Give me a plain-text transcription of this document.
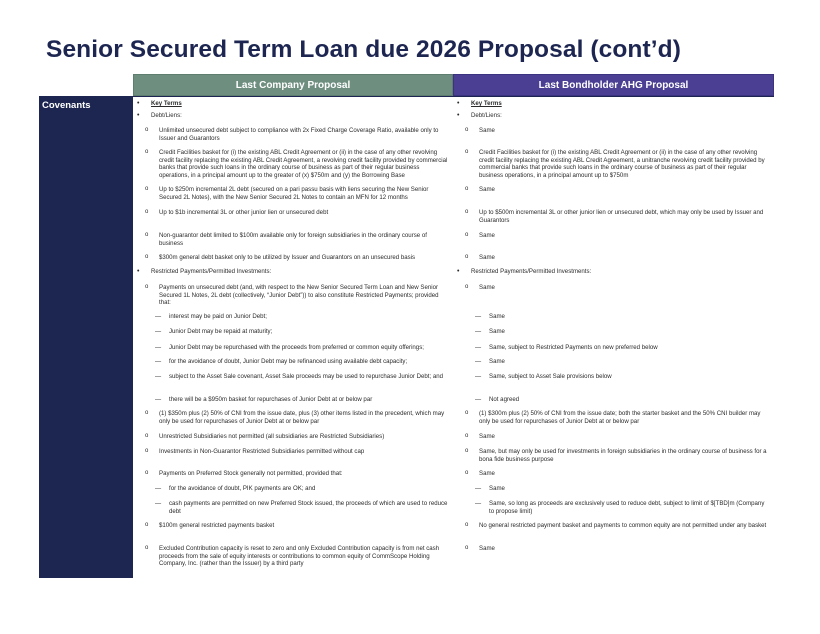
Senior Secured Term Loan due 2026 Proposal (cont’d)
Last Company Proposal	Last Bondholder AHG Proposal
Covenants	• Key Terms
• Debt/Liens:
o Unlimited unsecured debt subject to compliance with 2x Fixed Charge Coverage Ratio, available only to Issuer and Guarantors
o Credit Facilities basket for (i) the existing ABL Credit Agreement or (ii) in the case of any other revolving credit facility replacing the existing ABL Credit Agreement, a revolving credit facility provided by commercial banks that provide such loans in the ordinary course of business as part of their regular business operations, in a principal amount up to the greater of (x) $750m and (y) the Borrowing Base
o Up to $250m incremental 2L debt (secured on a pari passu basis with liens securing the New Senior Secured 2L Notes), with the New Senior Secured 2L Notes to contain an MFN for 12 months
o Up to $1b incremental 3L or other junior lien or unsecured debt
o Non-guarantor debt limited to $100m available only for foreign subsidiaries in the ordinary course of business
o $300m general debt basket only to be utilized by Issuer and Guarantors on an unsecured basis
• Restricted Payments/Permitted Investments:
o Payments on unsecured debt (and, with respect to the New Senior Secured Term Loan and New Senior Secured 1L Notes, 2L debt (collectively, “Junior Debt”)) to also constitute Restricted Payments; provided that:
— interest may be paid on Junior Debt;
— Junior Debt may be repaid at maturity;
— Junior Debt may be repurchased with the proceeds from preferred or common equity offerings;
— for the avoidance of doubt, Junior Debt may be refinanced using available debt capacity;
— subject to the Asset Sale covenant, Asset Sale proceeds may be used to repurchase Junior Debt; and
— there will be a $950m basket for repurchases of Junior Debt at or below par
o (1) $350m plus (2) 50% of CNI from the issue date, plus (3) other items listed in the precedent, which may only be used for repurchases of Junior Debt at or below par
o Unrestricted Subsidiaries not permitted (all subsidiaries are Restricted Subsidiaries)
o Investments in Non-Guarantor Restricted Subsidiaries permitted without cap
o Payments on Preferred Stock generally not permitted, provided that:
— for the avoidance of doubt, PIK payments are OK; and
— cash payments are permitted on new Preferred Stock issued, the proceeds of which are used to reduce debt
o $100m general restricted payments basket
o Excluded Contribution capacity is reset to zero and only Excluded Contribution capacity is from net cash proceeds from the sale of equity interests or contributions to common equity of CommScope Holding Company, Inc. (rather than the Issuer) by a third party
• Key Terms
• Debt/Liens:
o Same
o Credit Facilities basket for (i) the existing ABL Credit Agreement or (ii) in the case of any other revolving credit facility replacing the existing ABL Credit Agreement, a unitranche revolving credit facility provided by commercial banks that provide such loans in the ordinary course of business as part of their regular business operations, in a principal amount up to $750m
o Same
o Up to $500m incremental 3L or other junior lien or unsecured debt, which may only be used by Issuer and Guarantors
o Same
o Same
• Restricted Payments/Permitted Investments:
o Same
— Same
— Same
— Same, subject to Restricted Payments on new preferred below
— Same
— Same, subject to Asset Sale provisions below
— Not agreed
o (1) $300m plus (2) 50% of CNI from the issue date; both the starter basket and the 50% CNI builder may only be used for repurchases of Junior Debt at or below par
o Same
o Same, but may only be used for investments in foreign subsidiaries in the ordinary course of business for a bona fide business purpose
o Same
— Same
— Same, so long as proceeds are exclusively used to reduce debt, subject to limit of $[TBD]m (Company to propose limit)
o No general restricted payment basket and payments to common equity are not permitted under any basket
o Same
